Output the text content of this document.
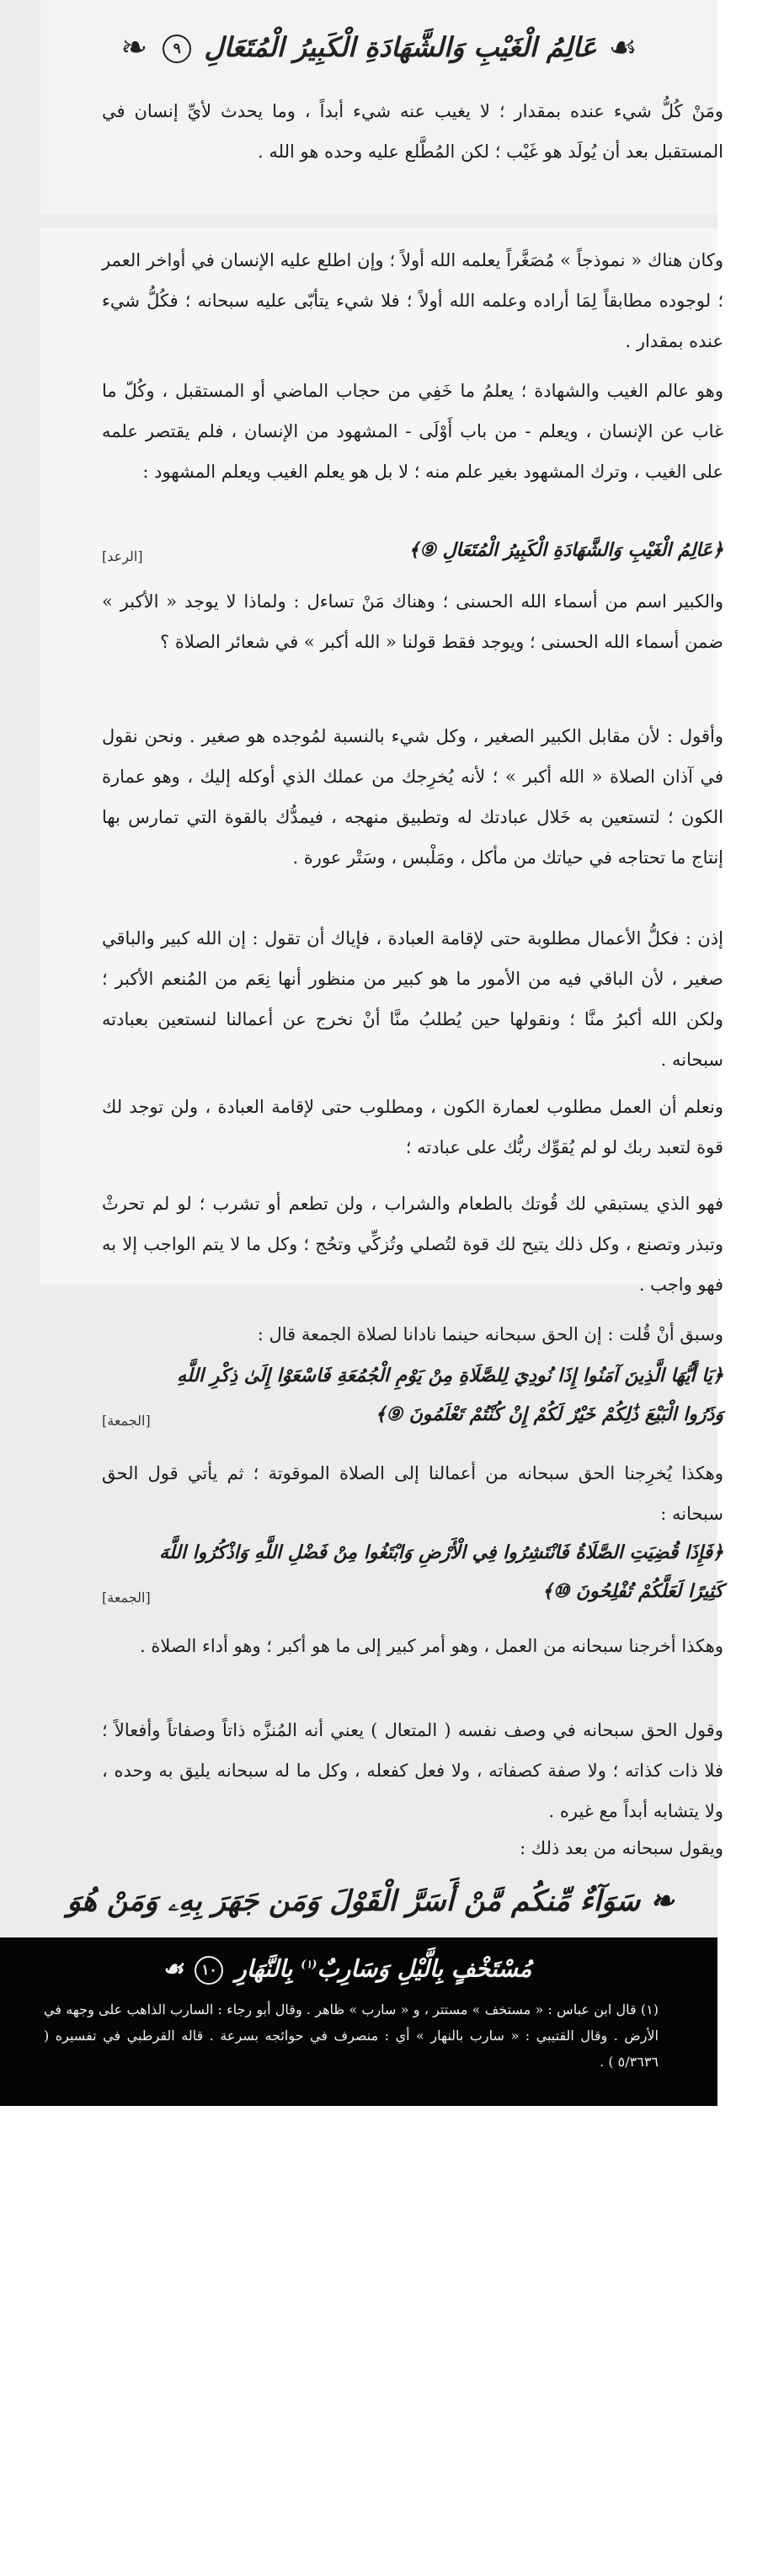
❧	عَالِمُ الْغَيْبِ وَالشَّهَادَةِ الْكَبِيرُ الْمُتَعَالِ ٩	☙
ومَنْ كُلُّ شيء عنده بمقدار ؛ لا يغيب عنه شيء أبداً ، وما يحدث لأيِّ إنسان في المستقبل بعد أن يُولَد هو غَيْب ؛ لكن المُطَّلع عليه وحده هو الله .
وكان هناك « نموذجاً » مُصَغَّراً يعلمه الله أولاً ؛ وإن اطلع عليه الإنسان في أواخر العمر ؛ لوجوده مطابقاً لِمَا أراده وعلمه الله أولاً ؛ فلا شيء يتأبّى عليه سبحانه ؛ فكُلُّ شيء عنده بمقدار .
وهو عالم الغيب والشهادة ؛ يعلمُ ما خَفِي من حجاب الماضي أو المستقبل ، وكُلّ ما غاب عن الإنسان ، ويعلم - من باب أَوْلَى - المشهود من الإنسان ، فلم يقتصر علمه على الغيب ، وترك المشهود بغير علم منه ؛ لا بل هو يعلم الغيب ويعلم المشهود :
﴿عَالِمُ الْغَيْبِ وَالشَّهَادَةِ الْكَبِيرُ الْمُتَعَالِ ⑨﴾
[الرعد]
والكبير اسم من أسماء الله الحسنى ؛ وهناك مَنْ تساءل : ولماذا لا يوجد « الأكبر » ضمن أسماء الله الحسنى ؛ ويوجد فقط قولنا « الله أكبر » في شعائر الصلاة ؟
وأقول : لأن مقابل الكبير الصغير ، وكل شيء بالنسبة لمُوجده هو صغير . ونحن نقول في آذان الصلاة « الله أكبر » ؛ لأنه يُخرِجك من عملك الذي أوكله إليك ، وهو عمارة الكون ؛ لتستعين به خَلال عبادتك له وتطبيق منهجه ، فيمدُّك بالقوة التي تمارس بها إنتاج ما تحتاجه في حياتك من مأكل ، ومَلْبس ، وسَتْر عورة .
إذن : فكلُّ الأعمال مطلوبة حتى لإقامة العبادة ، فإياك أن تقول : إن الله كبير والباقي صغير ، لأن الباقي فيه من الأمور ما هو كبير من منظور أنها نِعَم من المُنعم الأكبر ؛ ولكن الله أكبرُ منَّا ؛ ونقولها حين يُطلبُ منَّا أنْ نخرج عن أعمالنا لنستعين بعبادته سبحانه .
ونعلم أن العمل مطلوب لعمارة الكون ، ومطلوب حتى لإقامة العبادة ، ولن توجد لك قوة لتعبد ربك لو لم يُقوِّك ربُّك على عبادته ؛
فهو الذي يستبقي لك قُوتك بالطعام والشراب ، ولن تطعم أو تشرب ؛ لو لم تحرثْ وتبذر وتصنع ، وكل ذلك يتيح لك قوة لتُصلي وتُزكِّي وتحُج ؛ وكل ما لا يتم الواجب إلا به فهو واجب .
وسبق أنْ قُلت : إن الحق سبحانه حينما نادانا لصلاة الجمعة قال :
﴿يَا أَيُّهَا الَّذِينَ آمَنُوا إِذَا نُودِيَ لِلصَّلَاةِ مِنْ يَوْمِ الْجُمُعَةِ فَاسْعَوْا إِلَىٰ ذِكْرِ اللَّهِ وَذَرُوا الْبَيْعَ ذَٰلِكُمْ خَيْرٌ لَكُمْ إِنْ كُنْتُمْ تَعْلَمُونَ ⑨﴾
[الجمعة]
وهكذا يُخرِجنا الحق سبحانه من أعمالنا إلى الصلاة الموقوتة ؛ ثم يأتي قول الحق سبحانه :
﴿فَإِذَا قُضِيَتِ الصَّلَاةُ فَانْتَشِرُوا فِي الْأَرْضِ وَابْتَغُوا مِنْ فَضْلِ اللَّهِ وَاذْكُرُوا اللَّهَ كَثِيرًا لَعَلَّكُمْ تُفْلِحُونَ ⑩﴾
[الجمعة]
وهكذا أخرجنا سبحانه من العمل ، وهو أمر كبير إلى ما هو أكبر ؛ وهو أداء الصلاة .
وقول الحق سبحانه في وصف نفسه ( المتعال ) يعني أنه المُنزَّه ذاتاً وصفاتاً وأفعالاً ؛ فلا ذات كذاته ؛ ولا صفة كصفاته ، ولا فعل كفعله ، وكل ما له سبحانه يليق به وحده ، ولا يتشابه أبداً مع غيره .
ويقول سبحانه من بعد ذلك :
❧ سَوَآءٌ مِّنكُم مَّنْ أَسَرَّ الْقَوْلَ وَمَن جَهَرَ بِهِۦ وَمَنْ هُوَ
مُسْتَخْفٍ بِالَّيْلِ وَسَارِبٌ$^{(١)}$ بِالنَّهَارِ ١٠ ☙
(١) قال ابن عباس : « مستخف » مستتر ، و « سارب » ظاهر . وقال أبو رجاء : السارب الذاهب على وجهه في الأرض . وقال القتيبي : « سارب بالنهار » أي : منصرف في حوائجه بسرعة . قاله القرطبي في تفسيره ( ٥/٣٦٣٦ ) .
